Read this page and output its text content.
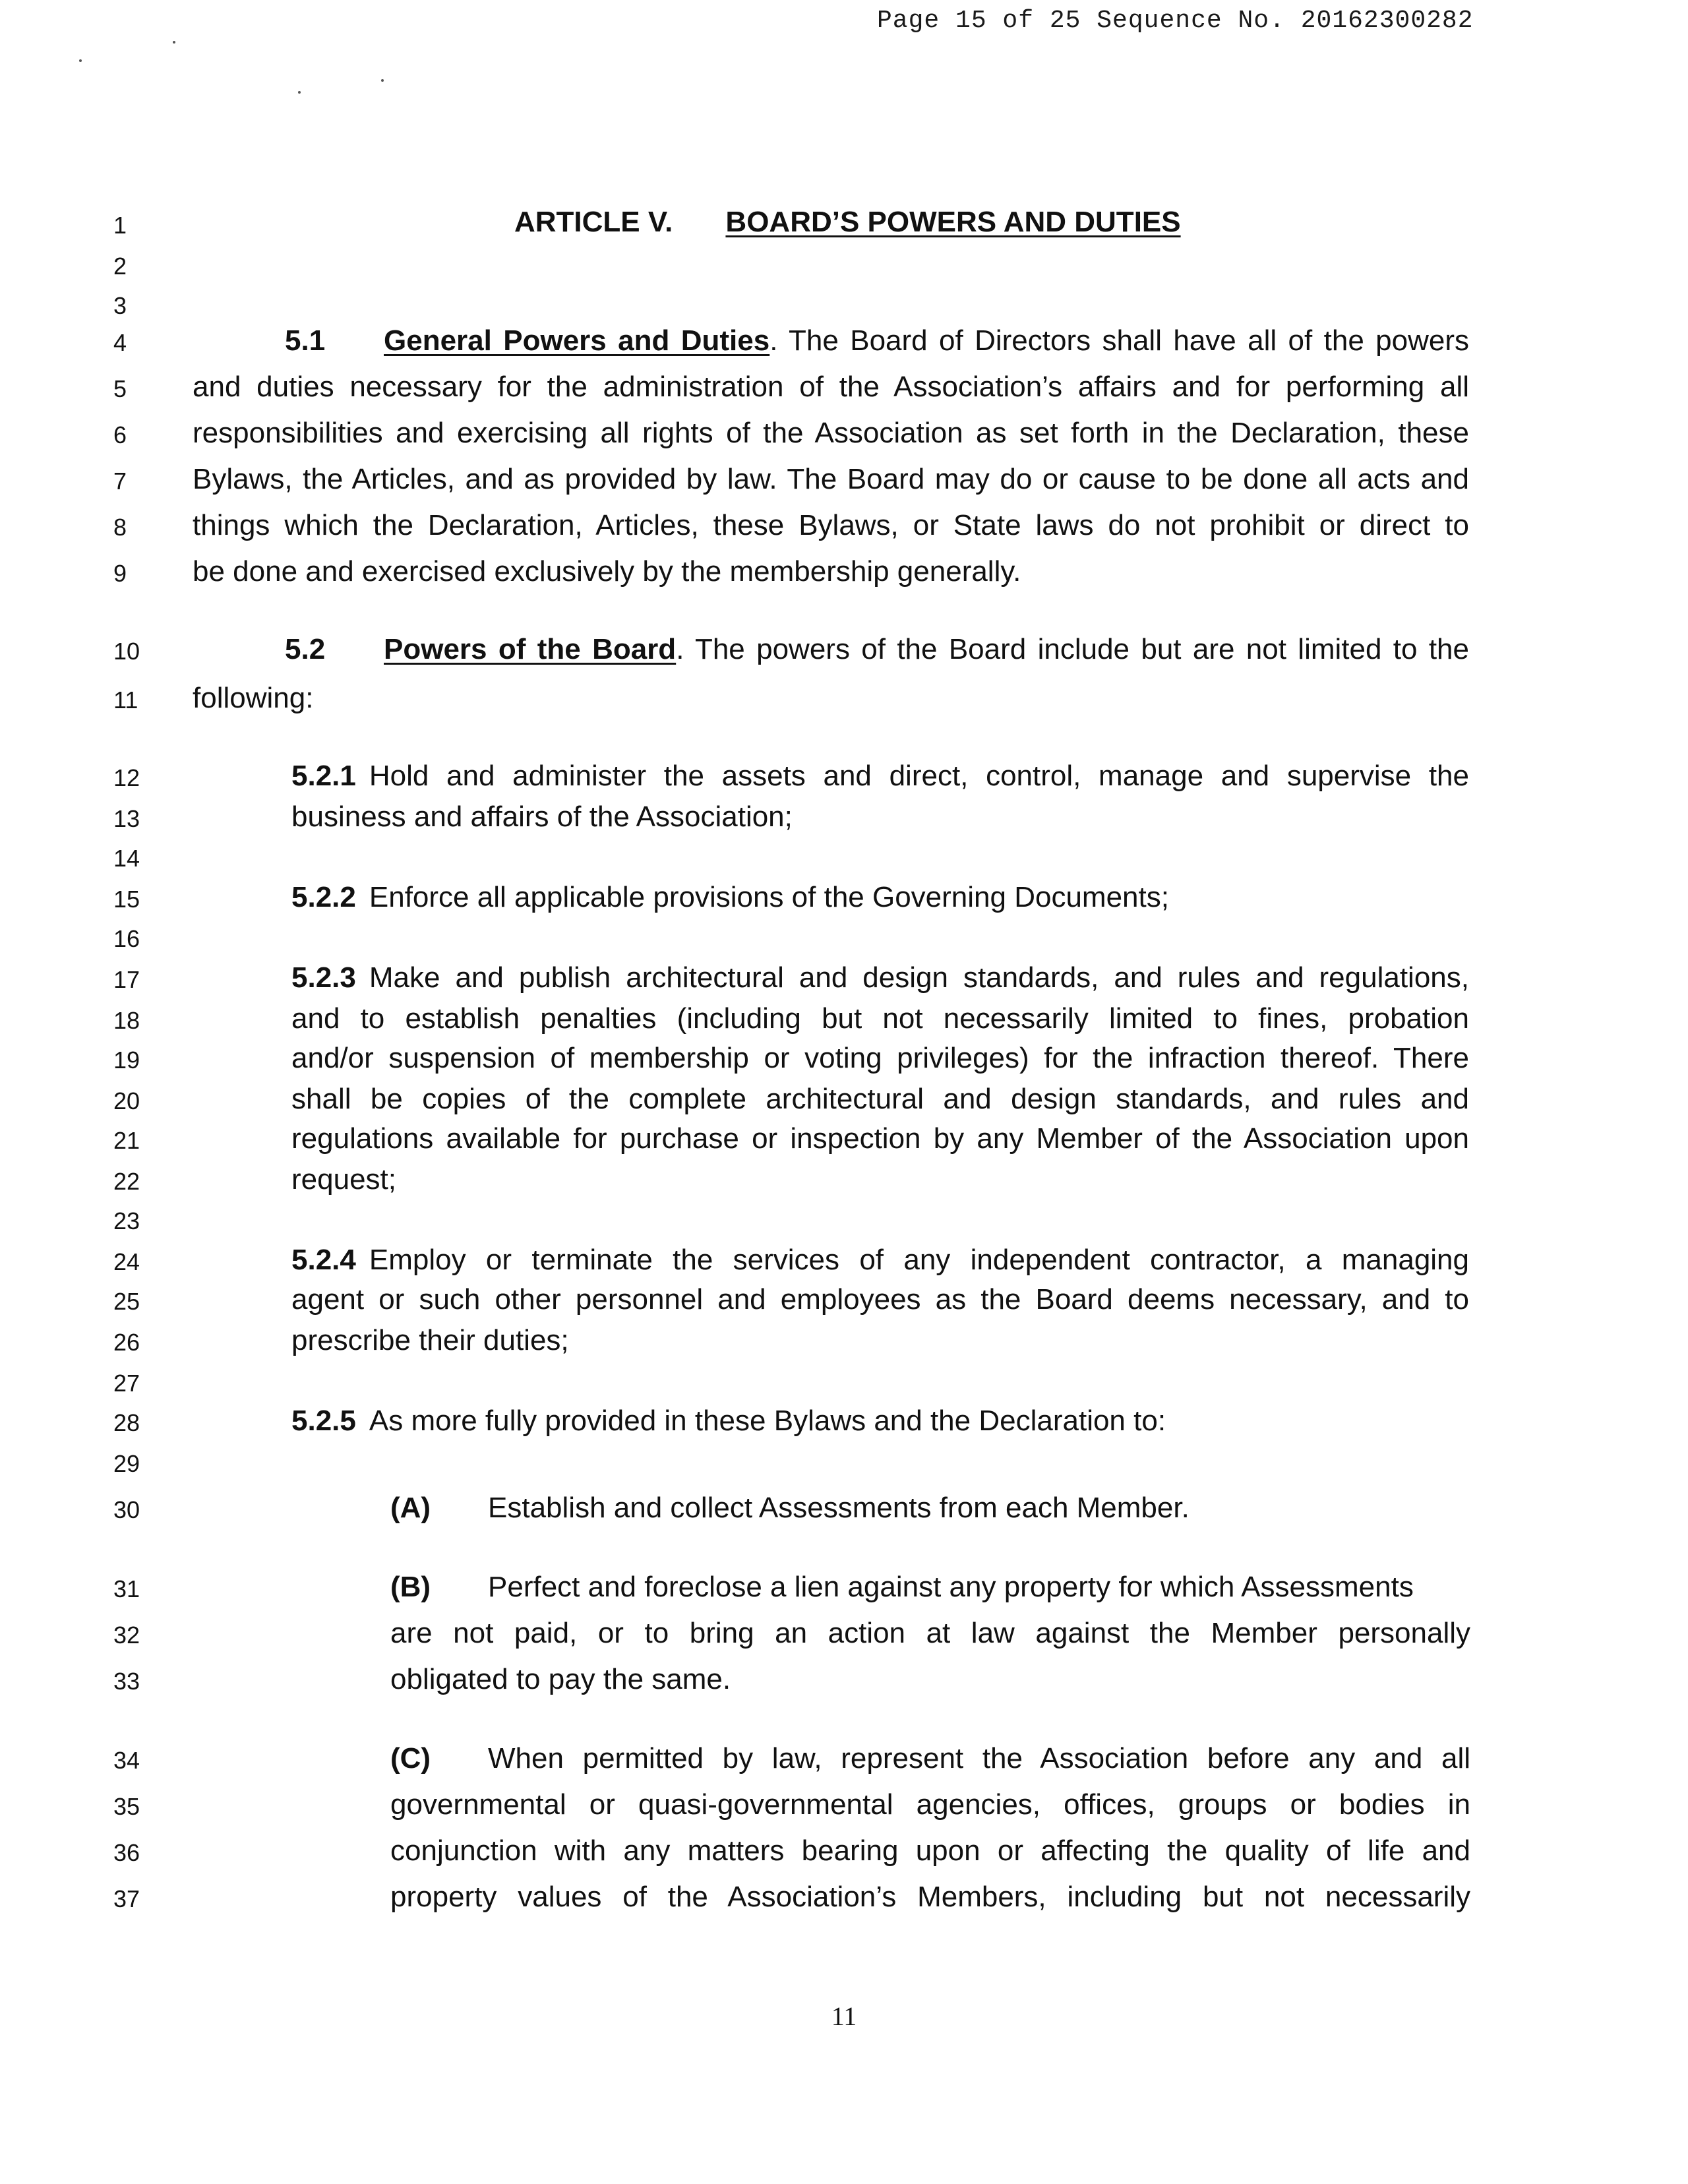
Page 15 of 25 Sequence No. 20162300282
ARTICLE V. BOARD’S POWERS AND DUTIES
1
2
3
4
5
6
7
8
9
10
11
12
13
14
15
16
17
18
19
20
21
22
23
24
25
26
27
28
29
30
31
32
33
34
35
36
37
5.1 General Powers and Duties. The Board of Directors shall have all of the powers
and duties necessary for the administration of the Association’s affairs and for performing all
responsibilities and exercising all rights of the Association as set forth in the Declaration, these
Bylaws, the Articles, and as provided by law. The Board may do or cause to be done all acts and
things which the Declaration, Articles, these Bylaws, or State laws do not prohibit or direct to
be done and exercised exclusively by the membership generally.
5.2 Powers of the Board. The powers of the Board include but are not limited to the
following:
5.2.1 Hold and administer the assets and direct, control, manage and supervise the
business and affairs of the Association;
5.2.2 Enforce all applicable provisions of the Governing Documents;
5.2.3 Make and publish architectural and design standards, and rules and regulations,
and to establish penalties (including but not necessarily limited to fines, probation
and/or suspension of membership or voting privileges) for the infraction thereof. There
shall be copies of the complete architectural and design standards, and rules and
regulations available for purchase or inspection by any Member of the Association upon
request;
5.2.4 Employ or terminate the services of any independent contractor, a managing
agent or such other personnel and employees as the Board deems necessary, and to
prescribe their duties;
5.2.5 As more fully provided in these Bylaws and the Declaration to:
(A) Establish and collect Assessments from each Member.
(B) Perfect and foreclose a lien against any property for which Assessments
are not paid, or to bring an action at law against the Member personally
obligated to pay the same.
(C) When permitted by law, represent the Association before any and all
governmental or quasi-governmental agencies, offices, groups or bodies in
conjunction with any matters bearing upon or affecting the quality of life and
property values of the Association’s Members, including but not necessarily
11
